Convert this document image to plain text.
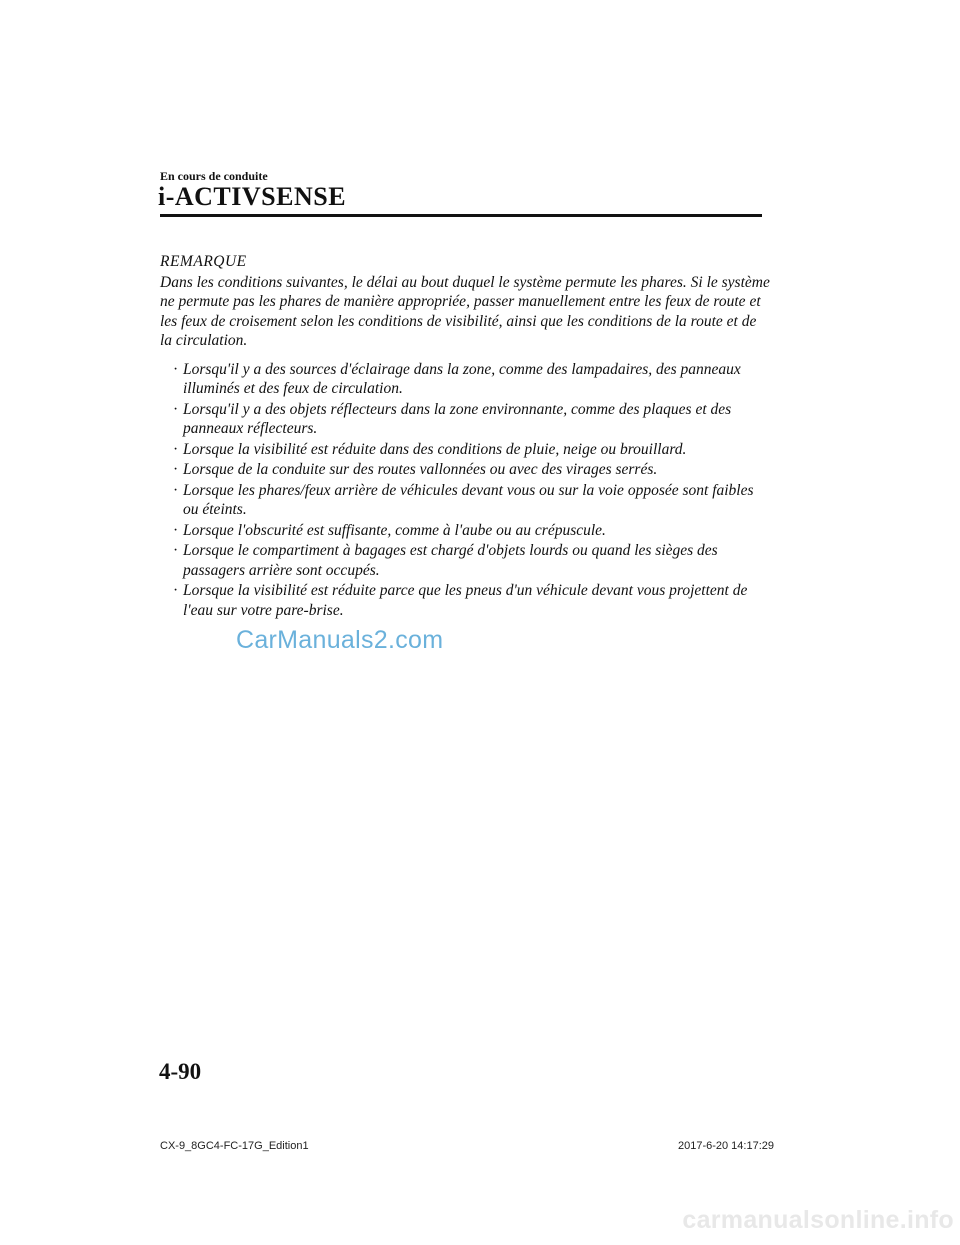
En cours de conduite
i-ACTIVSENSE
REMARQUE
Dans les conditions suivantes, le délai au bout duquel le système permute les phares. Si le système ne permute pas les phares de manière appropriée, passer manuellement entre les feux de route et les feux de croisement selon les conditions de visibilité, ainsi que les conditions de la route et de la circulation.
· Lorsqu'il y a des sources d'éclairage dans la zone, comme des lampadaires, des panneaux illuminés et des feux de circulation.
· Lorsqu'il y a des objets réflecteurs dans la zone environnante, comme des plaques et des panneaux réflecteurs.
· Lorsque la visibilité est réduite dans des conditions de pluie, neige ou brouillard.
· Lorsque de la conduite sur des routes vallonnées ou avec des virages serrés.
· Lorsque les phares/feux arrière de véhicules devant vous ou sur la voie opposée sont faibles ou éteints.
· Lorsque l'obscurité est suffisante, comme à l'aube ou au crépuscule.
· Lorsque le compartiment à bagages est chargé d'objets lourds ou quand les sièges des passagers arrière sont occupés.
· Lorsque la visibilité est réduite parce que les pneus d'un véhicule devant vous projettent de l'eau sur votre pare-brise.
CarManuals2.com
4-90
CX-9_8GC4-FC-17G_Edition1	2017-6-20 14:17:29
carmanualsonline.info
